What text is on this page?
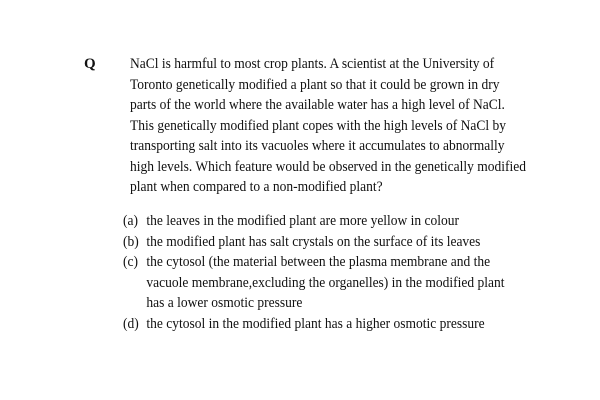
Q NaCl is harmful to most crop plants. A scientist at the University of
Toronto genetically modified a plant so that it could be grown in dry
parts of the world where the available water has a high level of NaCl.
This genetically modified plant copes with the high levels of NaCl by
transporting salt into its vacuoles where it accumulates to abnormally
high levels. Which feature would be observed in the genetically modified
plant when compared to a non-modified plant?
(a) the leaves in the modified plant are more yellow in colour
(b) the modified plant has salt crystals on the surface of its leaves
(c) the cytosol (the material between the plasma membrane and the
vacuole membrane,excluding the organelles) in the modified plant
has a lower osmotic pressure
(d) the cytosol in the modified plant has a higher osmotic pressure
